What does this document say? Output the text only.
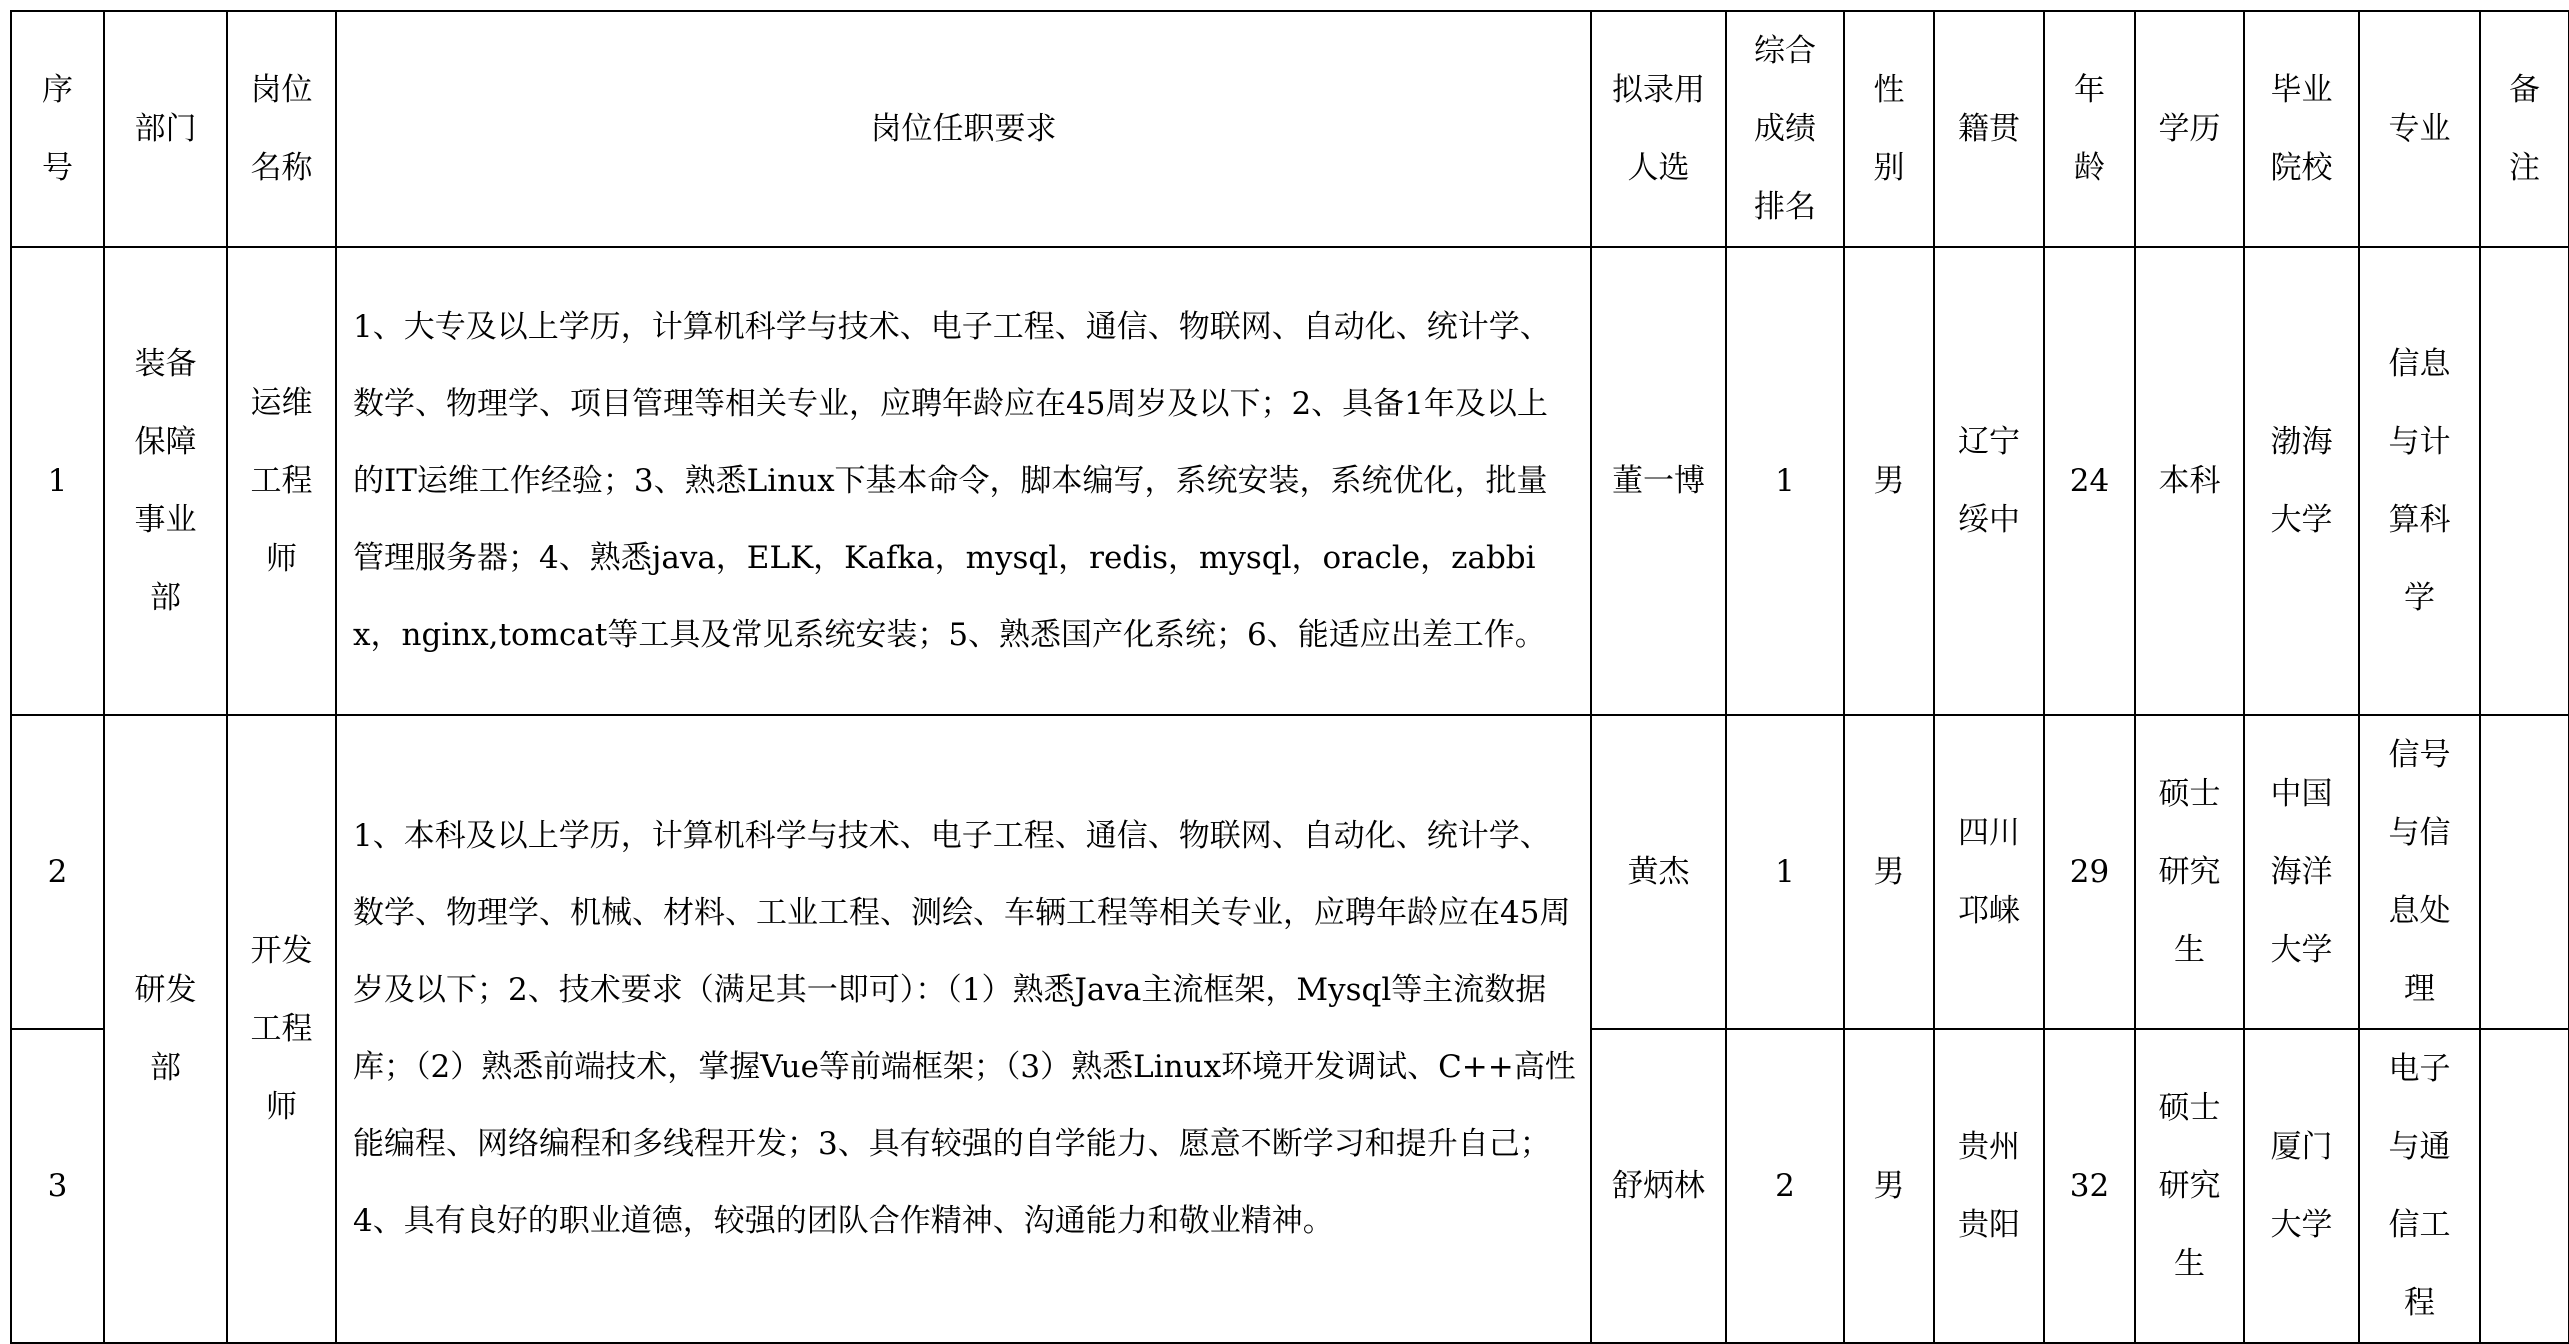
序号	部门	岗位名称	岗位任职要求	拟录用人选	综合成绩排名	性别	籍贯	年龄	学历	毕业院校	专业	备注

1	装备保障事业部	运维工程师	1、大专及以上学历，计算机科学与技术、电子工程、通信、物联网、自动化、统计学、数学、物理学、项目管理等相关专业，应聘年龄应在45周岁及以下；2、具备1年及以上的IT运维工作经验；3、熟悉Linux下基本命令，脚本编写，系统安装，系统优化，批量管理服务器；4、熟悉java，ELK，Kafka，mysql，redis，mysql，oracle，zabbix，nginx,tomcat等工具及常见系统安装；5、熟悉国产化系统；6、能适应出差工作。	董一博	1	男	辽宁绥中	24	本科	渤海大学	信息与计算科学	

2	研发部	开发工程师	1、本科及以上学历，计算机科学与技术、电子工程、通信、物联网、自动化、统计学、数学、物理学、机械、材料、工业工程、测绘、车辆工程等相关专业，应聘年龄应在45周岁及以下；2、技术要求（满足其一即可）：（1）熟悉Java主流框架，Mysql等主流数据库；（2）熟悉前端技术，掌握Vue等前端框架；（3）熟悉Linux环境开发调试、C++高性能编程、网络编程和多线程开发；3、具有较强的自学能力、愿意不断学习和提升自己；4、具有良好的职业道德，较强的团队合作精神、沟通能力和敬业精神。	黄杰	1	男	四川邛崃	29	硕士研究生	中国海洋大学	信号与信息处理	

3				舒炳林	2	男	贵州贵阳	32	硕士研究生	厦门大学	电子与通信工程	
